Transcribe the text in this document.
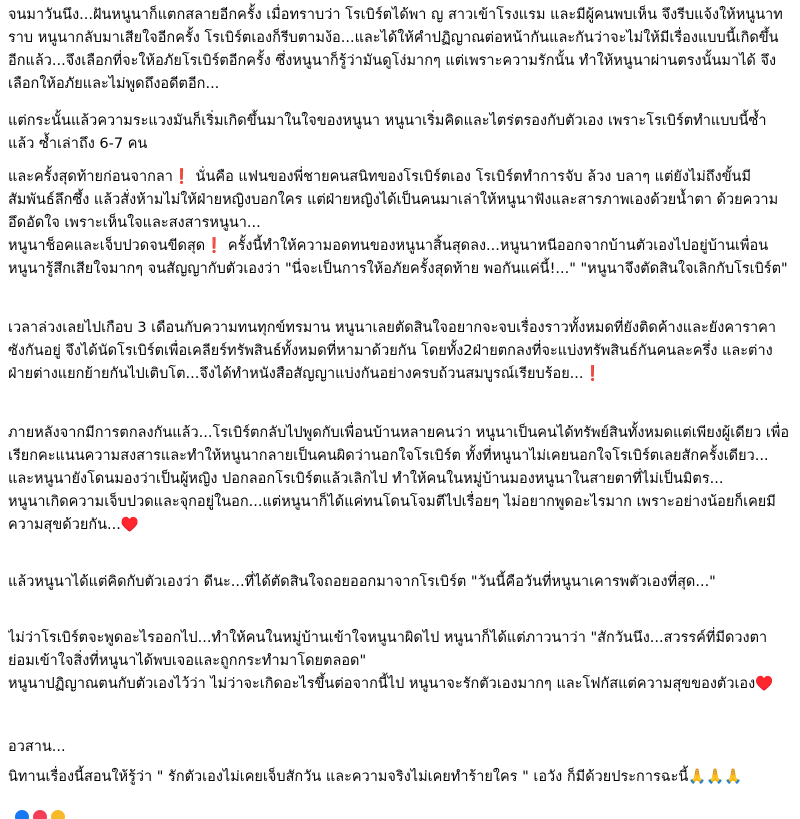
จนมาวันนึง...ฝันหนูนาก็แตกสลายอีกครั้ง เมื่อทราบว่า โรเบิร์ตได้พา ญ สาวเข้าโรงแรม และมีผู้คนพบเห็น จึงรีบแจ้งให้หนูนาทราบ หนูนากลับมาเสียใจอีกครั้ง โรเบิร์ตเองก็รีบตามง้อ...และได้ให้คำปฏิญาณต่อหน้ากันและกันว่าจะไม่ให้มีเรื่องแบบนี้เกิดขึ้นอีกแล้ว...จึงเลือกที่จะให้อภัยโรเบิร์ตอีกครั้ง ซึ่งหนูนาก็รู้ว่ามันดูโง่มากๆ แต่เพราะความรักนั้น ทำให้หนูนาผ่านตรงนั้นมาได้ จึงเลือกให้อภัยและไม่พูดถึงอดีตอีก...

แต่กระนั้นแล้วความระแวงมันก็เริ่มเกิดขึ้นมาในใจของหนูนา หนูนาเริ่มคิดและไตร่ตรองกับตัวเอง เพราะโรเบิร์ตทำแบบนี้ซ้ำแล้ว ซ้ำเล่าถึง 6-7 คน

และครั้งสุดท้ายก่อนจากลา❗ นั่นคือ แฟนของพี่ชายคนสนิทของโรเบิร์ตเอง โรเบิร์ตทำการจับ ล้วง บลาๆ แต่ยังไม่ถึงขั้นมีสัมพันธ์ลึกซึ้ง แล้วสั่งห้ามไม่ให้ฝ่ายหญิงบอกใคร แต่ฝ่ายหญิงได้เป็นคนมาเล่าให้หนูนาฟังและสารภาพเองด้วยน้ำตา ด้วยความอึดอัดใจ เพราะเห็นใจและสงสารหนูนา...
หนูนาช็อคและเจ็บปวดจนขีดสุด❗ ครั้งนี้ทำให้ความอดทนของหนูนาสิ้นสุดลง...หนูนาหนีออกจากบ้านตัวเองไปอยู่บ้านเพื่อน หนูนารู้สึกเสียใจมากๆ จนสัญญากับตัวเองว่า "นี่จะเป็นการให้อภัยครั้งสุดท้าย พอกันแค่นี้!..." "หนูนาจึงตัดสินใจเลิกกับโรเบิร์ต"

เวลาล่วงเลยไปเกือบ 3 เดือนกับความทนทุกข์ทรมาน หนูนาเลยตัดสินใจอยากจะจบเรื่องราวทั้งหมดที่ยังติดค้างและยังคาราคาซังกันอยู่ จึงได้นัดโรเบิร์ตเพื่อเคลียร์ทรัพสินธ์ทั้งหมดที่หามาด้วยกัน โดยทั้ง2ฝ่ายตกลงที่จะแบ่งทรัพสินธ์กันคนละครึ่ง และต่างฝ่ายต่างแยกย้ายกันไปเติบโต...จึงได้ทำหนังสือสัญญาแบ่งกันอย่างครบถ้วนสมบูรณ์เรียบร้อย...❗

ภายหลังจากมีการตกลงกันแล้ว...โรเบิร์ตกลับไปพูดกับเพื่อนบ้านหลายคนว่า หนูนาเป็นคนได้ทรัพย์สินทั้งหมดแต่เพียงผู้เดียว เพื่อเรียกคะแนนความสงสารและทำให้หนูนากลายเป็นคนผิดว่านอกใจโรเบิร์ต ทั้งที่หนูนาไม่เคยนอกใจโรเบิร์ตเลยสักครั้งเดียว... และหนูนายังโดนมองว่าเป็นผู้หญิง ปอกลอกโรเบิร์ตแล้วเลิกไป ทำให้คนในหมู่บ้านมองหนูนาในสายตาที่ไม่เป็นมิตร...
หนูนาเกิดความเจ็บปวดและจุกอยู่ในอก...แต่หนูนาก็ได้แค่ทนโดนโจมตีไปเรื่อยๆ ไม่อยากพูดอะไรมาก เพราะอย่างน้อยก็เคยมีความสุขด้วยกัน...♥️

แล้วหนูนาได้แต่คิดกับตัวเองว่า ดีนะ...ที่ได้ตัดสินใจถอยออกมาจากโรเบิร์ต "วันนี้คือวันที่หนูนาเคารพตัวเองที่สุด..."

ไม่ว่าโรเบิร์ตจะพูดอะไรออกไป...ทำให้คนในหมู่บ้านเข้าใจหนูนาผิดไป หนูนาก็ได้แต่ภาวนาว่า "สักวันนึง...สวรรค์ที่มีดวงตา ย่อมเข้าใจสิ่งที่หนูนาได้พบเจอและถูกกระทำมาโดยตลอด"
หนูนาปฏิญาณตนกับตัวเองไว้ว่า ไม่ว่าจะเกิดอะไรขึ้นต่อจากนี้ไป หนูนาจะรักตัวเองมากๆ และโฟกัสแต่ความสุขของตัวเอง♥️

อวสาน...

นิทานเรื่องนี้สอนให้รู้ว่า " รักตัวเองไม่เคยเจ็บสักวัน และความจริงไม่เคยทำร้ายใคร " เอวัง ก็มีด้วยประการฉะนี้🙏🙏🙏
